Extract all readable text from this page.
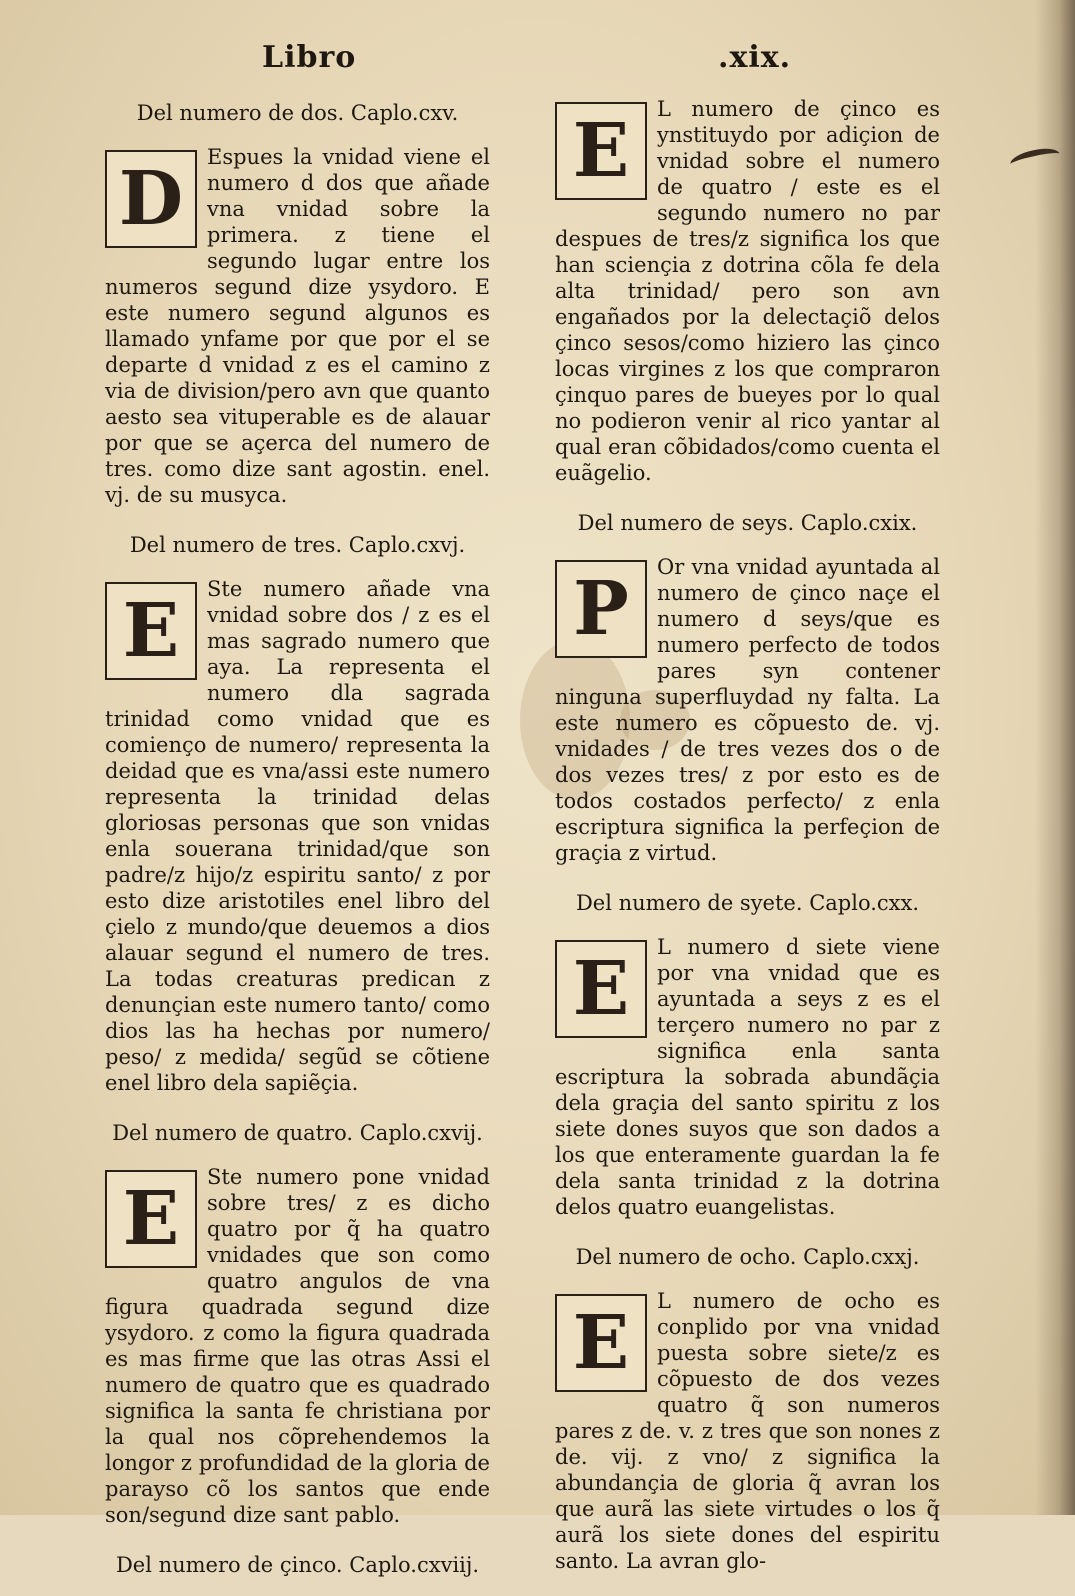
Libro	.xix.
Del numero de dos. Caplo.cxv.
D	Espues la vnidad viene el numero d dos que añade vna vnidad sobre la primera. z tiene el segundo lugar entre los numeros segund dize ysydoro. E este numero segund algunos es llamado ynfame por que por el se departe d vnidad z es el camino z via de division/pero avn que quanto aesto sea vituperable es de alauar por que se açerca del numero de tres. como dize sant agostin. enel. vj. de su musyca.
Del numero de tres. Caplo.cxvj.
E	Ste numero añade vna vnidad sobre dos / z es el mas sagrado numero que aya. La representa el numero dla sagrada trinidad como vnidad que es comienço de numero/ representa la deidad que es vna/assi este numero representa la trinidad delas gloriosas personas que son vnidas enla souerana trinidad/que son padre/z hijo/z espiritu santo/ z por esto dize aristotiles enel libro del çielo z mundo/que deuemos a dios alauar segund el numero de tres. La todas creaturas predican z denunçian este numero tanto/ como dios las ha hechas por numero/ peso/ z medida/ segũd se cõtiene enel libro dela sapiẽçia.
Del numero de quatro. Caplo.cxvij.
E	Ste numero pone vnidad sobre tres/ z es dicho quatro por q̃ ha quatro vnidades que son como quatro angulos de vna figura quadrada segund dize ysydoro. z como la figura quadrada es mas firme que las otras Assi el numero de quatro que es quadrado significa la santa fe christiana por la qual nos cõprehendemos la longor z profundidad de la gloria de parayso cõ los santos que ende son/segund dize sant pablo.
Del numero de çinco. Caplo.cxviij.
E	L numero de çinco es ynstituydo por adiçion de vnidad sobre el numero de quatro / este es el segundo numero no par despues de tres/z significa los que han sciençia z dotrina cõla fe dela alta trinidad/ pero son avn engañados por la delectaçiõ delos çinco sesos/como hiziero las çinco locas virgines z los que compraron çinquo pares de bueyes por lo qual no podieron venir al rico yantar al qual eran cõbidados/como cuenta el euãgelio.
Del numero de seys. Caplo.cxix.
P	Or vna vnidad ayuntada al numero de çinco naçe el numero d seys/que es numero perfecto de todos pares syn contener ninguna superfluydad ny falta. La este numero es cõpuesto de. vj. vnidades / de tres vezes dos o de dos vezes tres/ z por esto es de todos costados perfecto/ z enla escriptura significa la perfeçion de graçia z virtud.
Del numero de syete. Caplo.cxx.
E	L numero d siete viene por vna vnidad que es ayuntada a seys z es el terçero numero no par z significa enla santa escriptura la sobrada abundãçia dela graçia del santo spiritu z los siete dones suyos que son dados a los que enteramente guardan la fe dela santa trinidad z la dotrina delos quatro euangelistas.
Del numero de ocho. Caplo.cxxj.
E	L numero de ocho es conplido por vna vnidad puesta sobre siete/z es cõpuesto de dos vezes quatro q̃ son numeros pares z de. v. z tres que son nones z de. vij. z vno/ z significa la abundançia de gloria q̃ avran los que aurã las siete virtudes o los q̃ aurã los siete dones del espiritu santo. La avran glo-
